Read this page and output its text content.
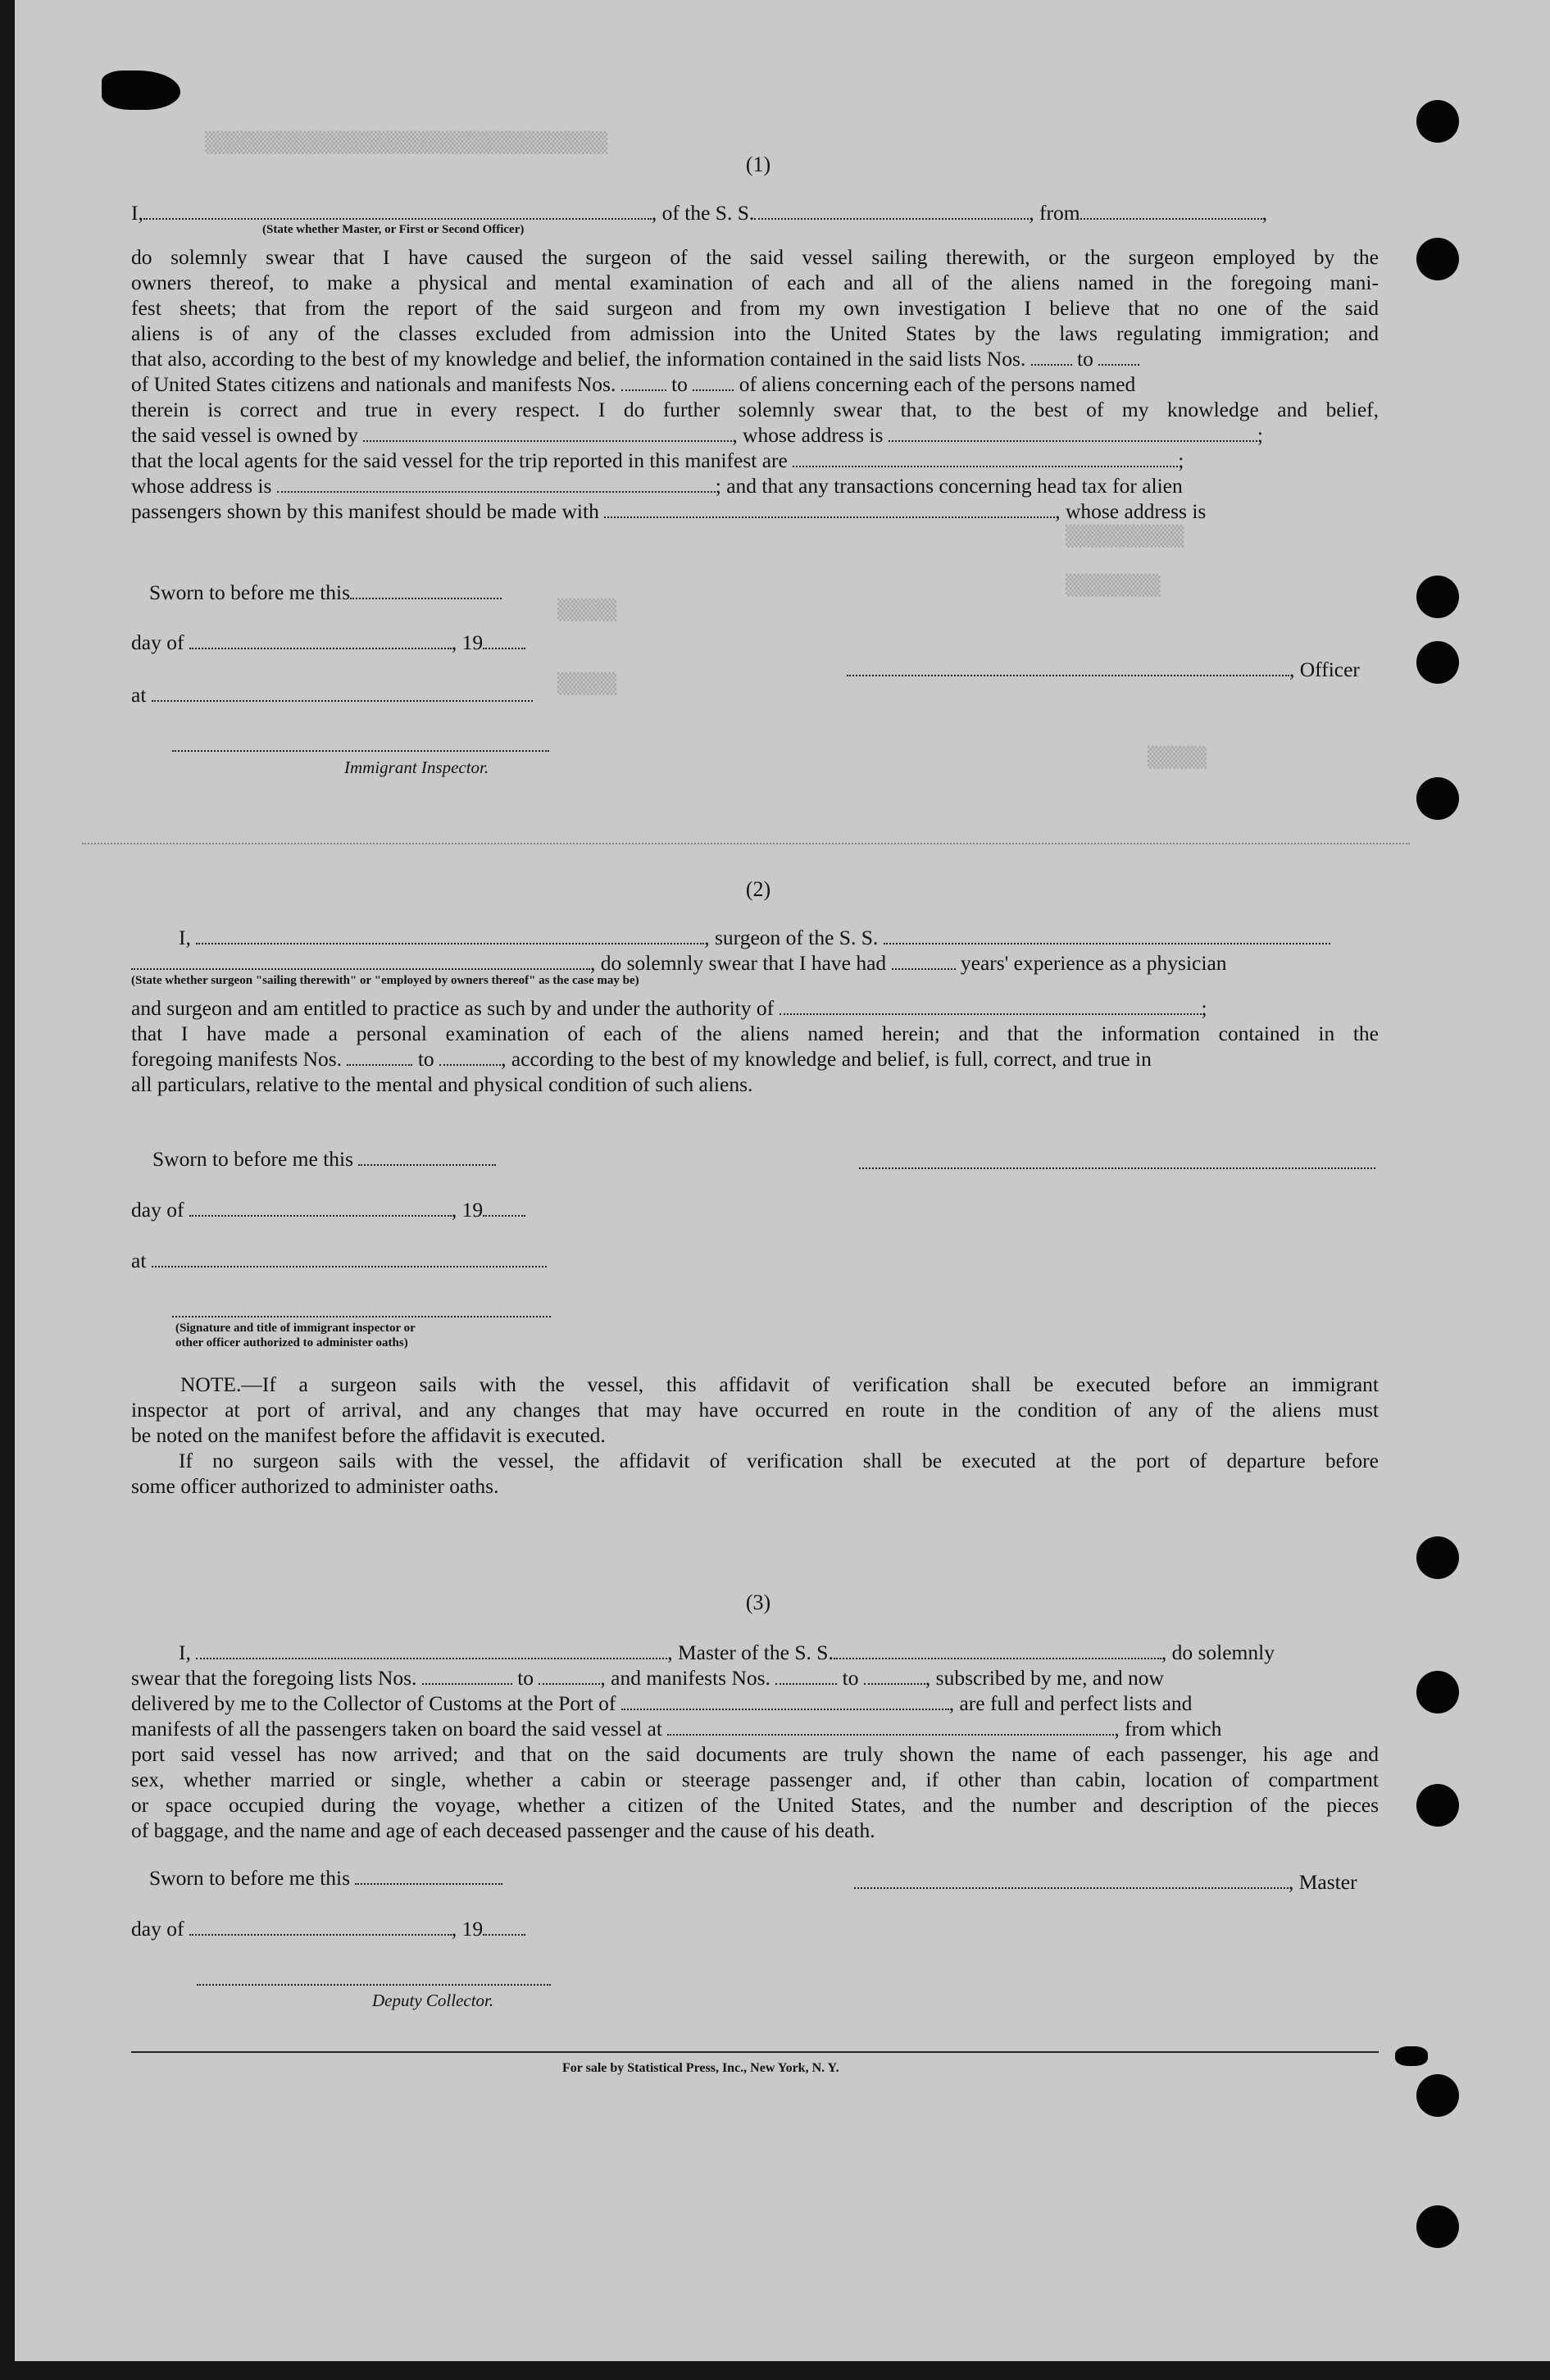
▒▒▒▒▒▒▒▒▒▒▒▒▒▒▒▒▒▒▒▒▒▒▒▒▒▒▒▒▒▒▒▒▒▒
▒▒▒▒▒▒▒▒▒▒
▒▒▒▒▒▒▒▒
▒▒▒▒▒
▒▒▒▒▒
▒▒▒▒▒
(1)
I,	, of the S. S.	, from	,
(State whether Master, or First or Second Officer)
do solemnly swear that I have caused the surgeon of the said vessel sailing therewith, or the surgeon employed by the
owners thereof, to make a physical and mental examination of each and all of the aliens named in the foregoing mani-
fest sheets; that from the report of the said surgeon and from my own investigation I believe that no one of the said
aliens is of any of the classes excluded from admission into the United States by the laws regulating immigration; and
that also, according to the best of my knowledge and belief, the information contained in the said lists Nos. to
of United States citizens and nationals and manifests Nos.	to of aliens concerning each of the persons named
therein is correct and true in every respect. I do further solemnly swear that, to the best of my knowledge and belief,
the said vessel is owned by	, whose address is	;
that the local agents for the said vessel for the trip reported in this manifest are	;
whose address is	; and that any transactions concerning head tax for alien
passengers shown by this manifest should be made with	, whose address is
Sworn to before me this
day of	, 19
, Officer
at
Immigrant Inspector.
(2)
I,	, surgeon of the S. S.
, do solemnly swear that I have had	years' experience as a physician
(State whether surgeon "sailing therewith" or "employed by owners thereof" as the case may be)
and surgeon and am entitled to practice as such by and under the authority of	;
that I have made a personal examination of each of the aliens named herein; and that the information contained in the
foregoing manifests Nos.	to	, according to the best of my knowledge and belief, is full, correct, and true in
all particulars, relative to the mental and physical condition of such aliens.
Sworn to before me this
day of	, 19
at
(Signature and title of immigrant inspector or
other officer authorized to administer oaths)
NOTE.—If a surgeon sails with the vessel, this affidavit of verification shall be executed before an immigrant
inspector at port of arrival, and any changes that may have occurred en route in the condition of any of the aliens must
be noted on the manifest before the affidavit is executed.
If no surgeon sails with the vessel, the affidavit of verification shall be executed at the port of departure before
some officer authorized to administer oaths.
(3)
I,	, Master of the S. S.	, do solemnly
swear that the foregoing lists Nos.	to	, and manifests Nos.	to	, subscribed by me, and now
delivered by me to the Collector of Customs at the Port of	, are full and perfect lists and
manifests of all the passengers taken on board the said vessel at	, from which
port said vessel has now arrived; and that on the said documents are truly shown the name of each passenger, his age and
sex, whether married or single, whether a cabin or steerage passenger and, if other than cabin, location of compartment
or space occupied during the voyage, whether a citizen of the United States, and the number and description of the pieces
of baggage, and the name and age of each deceased passenger and the cause of his death.
Sworn to before me this	, Master
day of	, 19
Deputy Collector.
For sale by Statistical Press, Inc., New York, N. Y.
